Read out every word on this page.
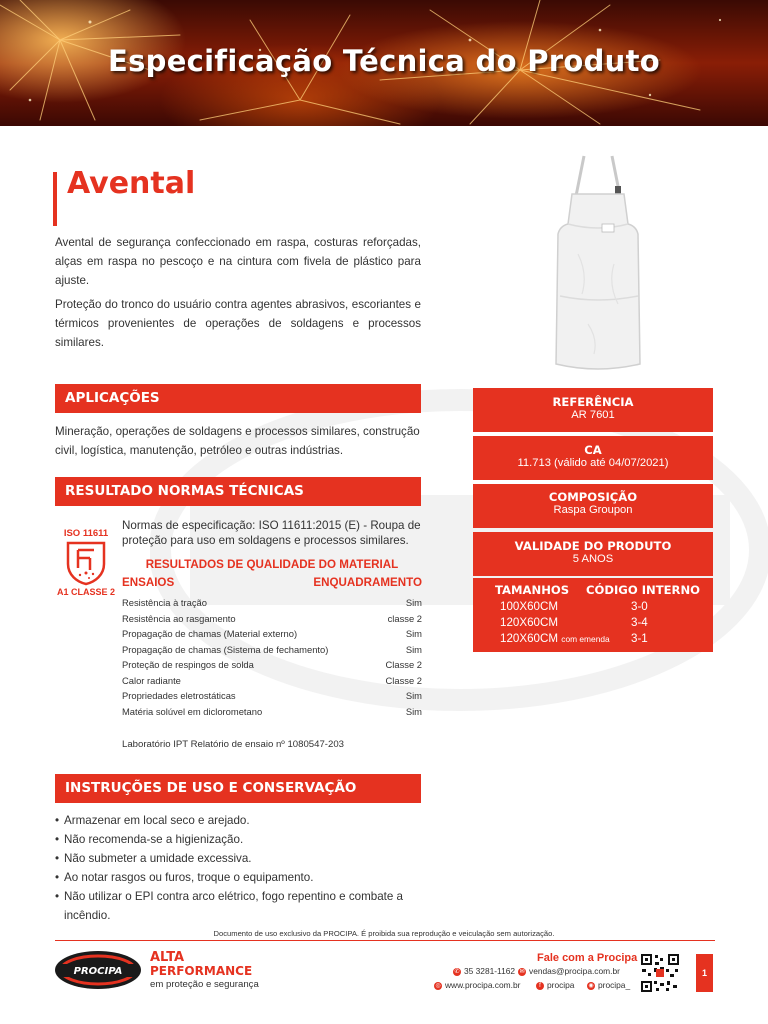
Especificação Técnica do Produto
Avental

Avental de segurança confeccionado em raspa, costuras reforçadas, alças em raspa no pescoço e na cintura com fivela de plástico para ajuste.

Proteção do tronco do usuário contra agentes abrasivos, escoriantes e térmicos provenientes de operações de soldagens e processos similares.

APLICAÇÕES

Mineração, operações de soldagens e processos similares, construção civil, logística, manutenção, petróleo e outras indústrias.

RESULTADO NORMAS TÉCNICAS
ISO 11611
A1 CLASSE 2

Normas de especificação: ISO 11611:2015 (E) - Roupa de proteção para uso em soldagens e processos similares.

RESULTADOS DE QUALIDADE DO MATERIAL
ENSAIOS	ENQUADRAMENTO
Resistência à tração	Sim
Resistência ao rasgamento	classe 2
Propagação de chamas (Material externo)	Sim
Propagação de chamas (Sistema de fechamento)	Sim
Proteção de respingos de solda	Classe 2
Calor radiante	Classe 2
Propriedades eletrostáticas	Sim
Matéria solúvel em diclorometano	Sim
Laboratório IPT Relatório de ensaio nº 1080547-203
INSTRUÇÕES DE USO E CONSERVAÇÃO
• Armazenar em local seco e arejado.
• Não recomenda-se a higienização.
• Não submeter a umidade excessiva.
• Ao notar rasgos ou furos, troque o equipamento.
• Não utilizar o EPI contra arco elétrico, fogo repentino e combate a incêndio.
REFERÊNCIA
AR 7601
CA
11.713 (válido até 04/07/2021)
COMPOSIÇÃO
Raspa Groupon
VALIDADE DO PRODUTO
5 ANOS
TAMANHOS CÓDIGO INTERNO
100X60CM	3-0
120X60CM	3-4
120X60CM com emenda 3-1
Documento de uso exclusivo da PROCIPA. É proibida sua reprodução e veiculação sem autorização.
PROCIPA
ALTA
PERFORMANCE
em proteção e segurança
Fale com a Procipa
✆ 35 3281-1162 ✉ vendas@procipa.com.br
◎ www.procipa.com.br	f procipa ◉ procipa_
1
